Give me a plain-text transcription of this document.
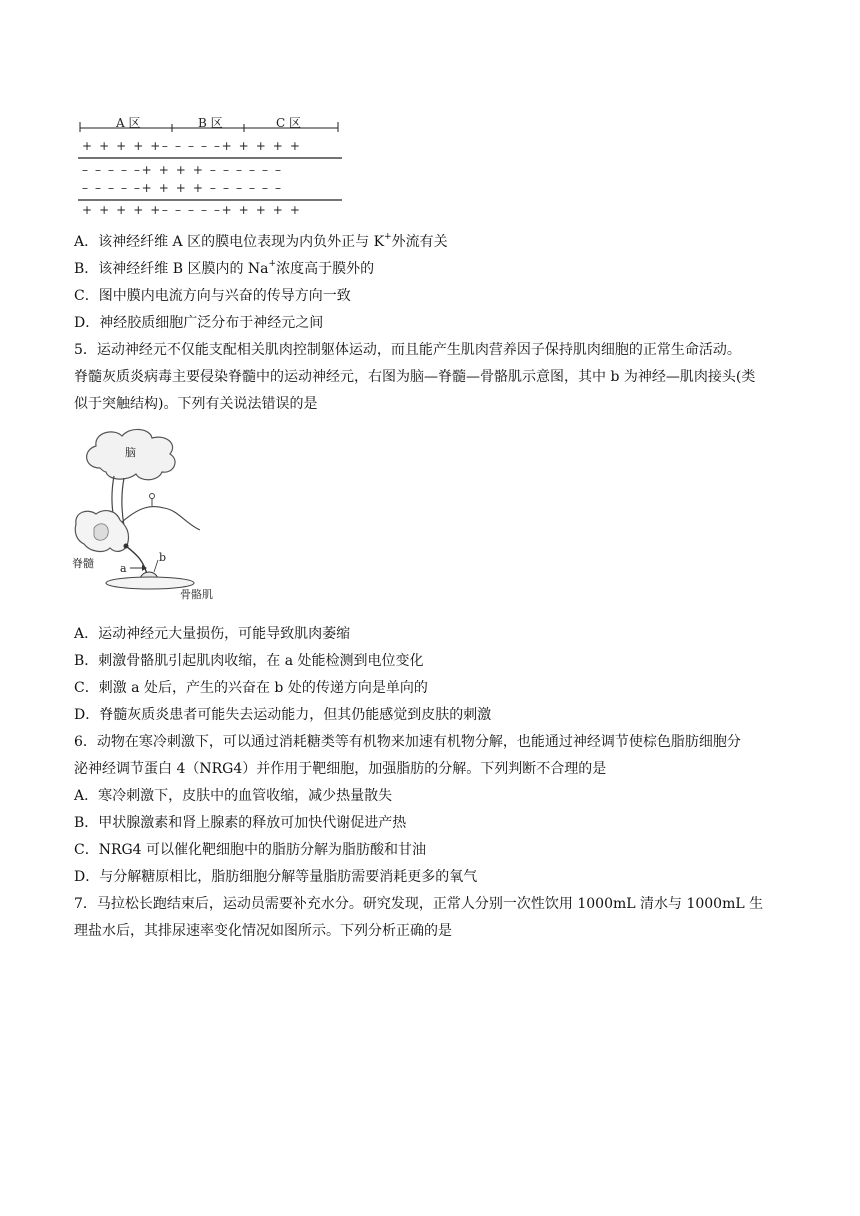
A 区	B 区	C 区
+ + + + +– – – – –+ + + + +
– – – – –+ + + + – – – – – –
– – – – –+ + + + – – – – – –
+ + + + +– – – – –+ + + + +
A．该神经纤维 A 区的膜电位表现为内负外正与 K+外流有关
B．该神经纤维 B 区膜内的 Na+浓度高于膜外的
C．图中膜内电流方向与兴奋的传导方向一致
D．神经胶质细胞广泛分布于神经元之间
5．运动神经元不仅能支配相关肌肉控制躯体运动，而且能产生肌肉营养因子保持肌肉细胞的正常生命活动。
脊髓灰质炎病毒主要侵染脊髓中的运动神经元，右图为脑—脊髓—骨骼肌示意图，其中 b 为神经—肌肉接头(类
似于突触结构)。下列有关说法错误的是
脑
脊髓 a
b
骨骼肌
A．运动神经元大量损伤，可能导致肌肉萎缩
B．刺激骨骼肌引起肌肉收缩，在 a 处能检测到电位变化
C．刺激 a 处后，产生的兴奋在 b 处的传递方向是单向的
D．脊髓灰质炎患者可能失去运动能力，但其仍能感觉到皮肤的刺激
6．动物在寒冷刺激下，可以通过消耗糖类等有机物来加速有机物分解，也能通过神经调节使棕色脂肪细胞分
泌神经调节蛋白 4（NRG4）并作用于靶细胞，加强脂肪的分解。下列判断不合理的是
A．寒冷刺激下，皮肤中的血管收缩，减少热量散失
B．甲状腺激素和肾上腺素的释放可加快代谢促进产热
C．NRG4 可以催化靶细胞中的脂肪分解为脂肪酸和甘油
D．与分解糖原相比，脂肪细胞分解等量脂肪需要消耗更多的氧气
7．马拉松长跑结束后，运动员需要补充水分。研究发现，正常人分别一次性饮用 1000mL 清水与 1000mL 生
理盐水后，其排尿速率变化情况如图所示。下列分析正确的是
